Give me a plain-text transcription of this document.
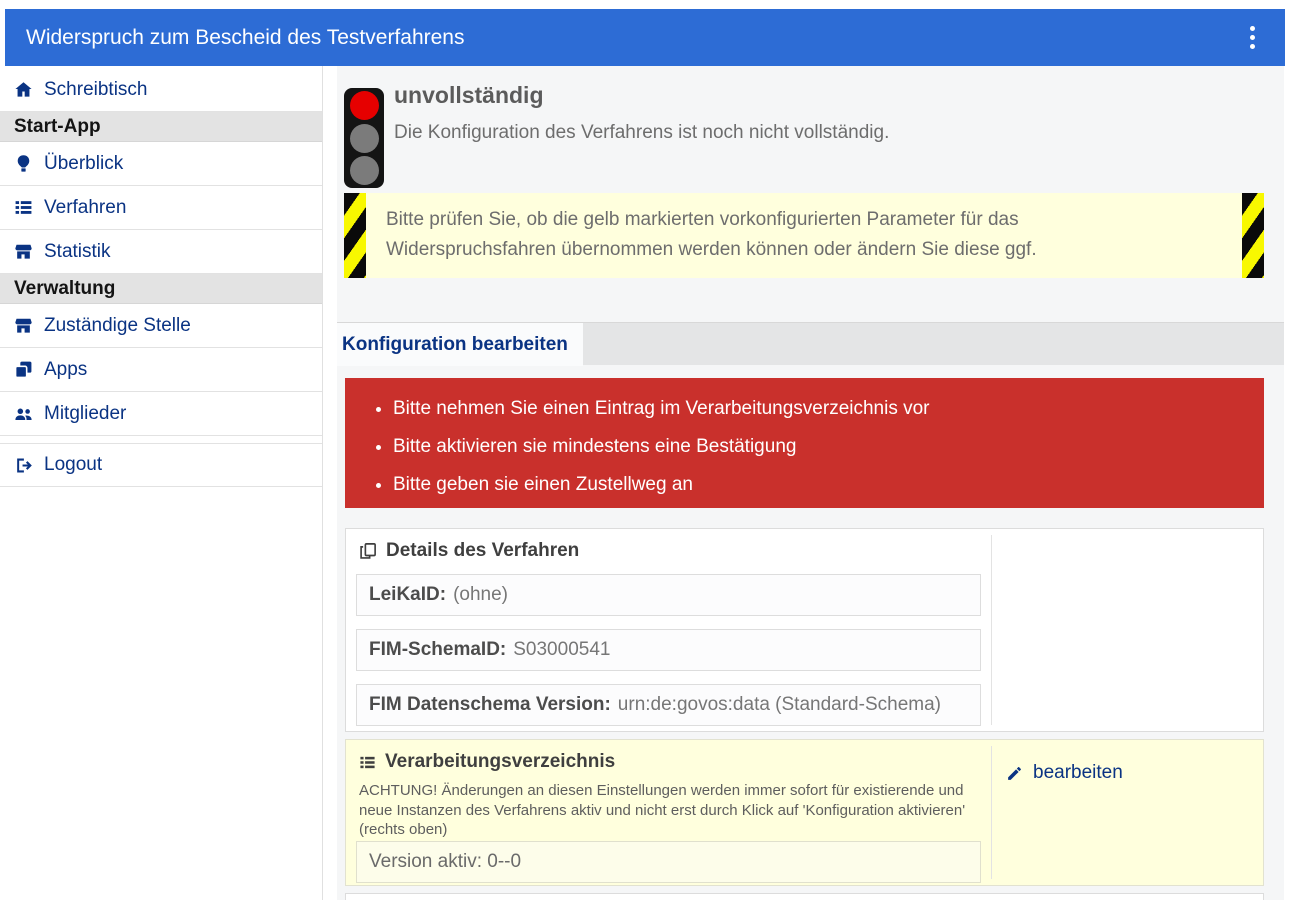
Widerspruch zum Bescheid des Testverfahrens
Schreibtisch
Start-App
Überblick
Verfahren
Statistik
Verwaltung
Zuständige Stelle
Apps
Mitglieder
Logout
unvollständig
Die Konfiguration des Verfahrens ist noch nicht vollständig.
Bitte prüfen Sie, ob die gelb markierten vorkonfigurierten Parameter für das Widerspruchsfahren übernommen werden können oder ändern Sie diese ggf.
Konfiguration bearbeiten
• Bitte nehmen Sie einen Eintrag im Verarbeitungsverzeichnis vor
• Bitte aktivieren sie mindestens eine Bestätigung
• Bitte geben sie einen Zustellweg an
Details des Verfahren
LeiKaID: (ohne)
FIM-SchemaID: S03000541
FIM Datenschema Version: urn:de:govos:data (Standard-Schema)
Verarbeitungsverzeichnis
ACHTUNG! Änderungen an diesen Einstellungen werden immer sofort für existierende und neue Instanzen des Verfahrens aktiv und nicht erst durch Klick auf 'Konfiguration aktivieren' (rechts oben)
Version aktiv: 0--0
bearbeiten
